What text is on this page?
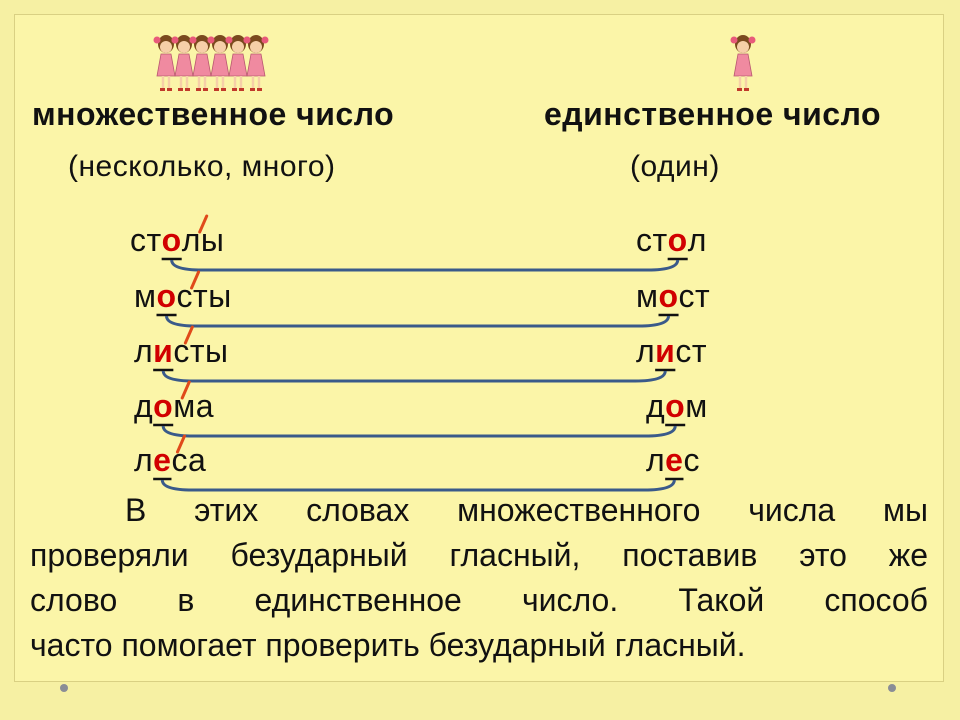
множественное число	единственное число
(несколько, много)	(один)
столы	стол
мосты	мост
листы	лист
дома	дом
леса	лес
В этих словах множественного числа мы
проверяли безударный гласный, поставив это же
слово в единственное число. Такой способ
часто помогает проверить безударный гласный.
